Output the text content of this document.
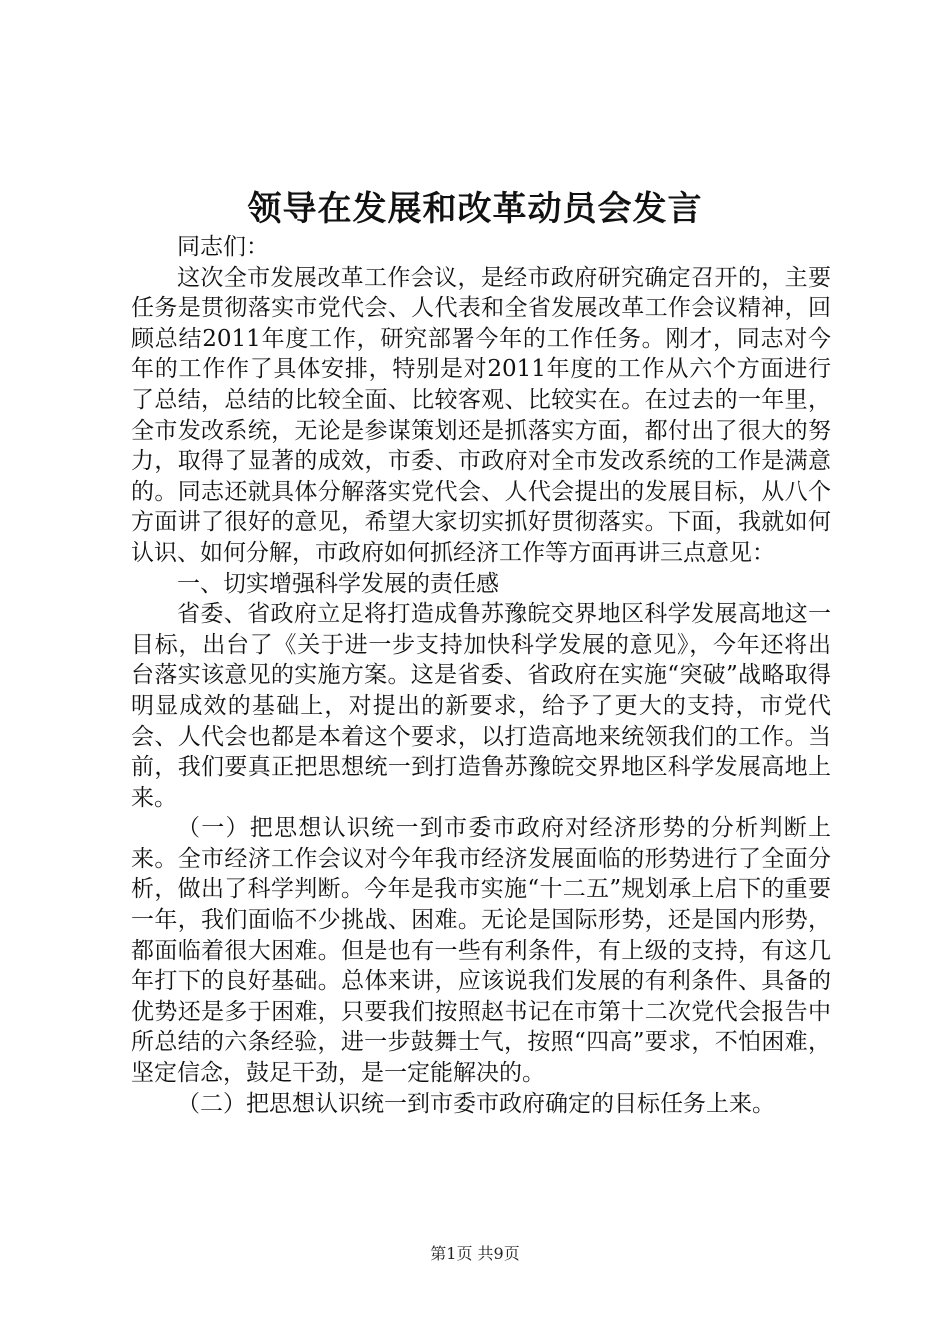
领导在发展和改革动员会发言

同志们：

这次全市发展改革工作会议，是经市政府研究确定召开的，主要任务是贯彻落实市党代会、人代表和全省发展改革工作会议精神，回顾总结2011年度工作，研究部署今年的工作任务。刚才，同志对今年的工作作了具体安排，特别是对2011年度的工作从六个方面进行了总结，总结的比较全面、比较客观、比较实在。在过去的一年里，全市发改系统，无论是参谋策划还是抓落实方面，都付出了很大的努力，取得了显著的成效，市委、市政府对全市发改系统的工作是满意的。同志还就具体分解落实党代会、人代会提出的发展目标，从八个方面讲了很好的意见，希望大家切实抓好贯彻落实。下面，我就如何认识、如何分解，市政府如何抓经济工作等方面再讲三点意见：

一、切实增强科学发展的责任感

省委、省政府立足将打造成鲁苏豫皖交界地区科学发展高地这一目标，出台了《关于进一步支持加快科学发展的意见》，今年还将出台落实该意见的实施方案。这是省委、省政府在实施“突破”战略取得明显成效的基础上，对提出的新要求，给予了更大的支持，市党代会、人代会也都是本着这个要求，以打造高地来统领我们的工作。当前，我们要真正把思想统一到打造鲁苏豫皖交界地区科学发展高地上来。

（一）把思想认识统一到市委市政府对经济形势的分析判断上来。全市经济工作会议对今年我市经济发展面临的形势进行了全面分析，做出了科学判断。今年是我市实施“十二五”规划承上启下的重要一年，我们面临不少挑战、困难。无论是国际形势，还是国内形势，都面临着很大困难。但是也有一些有利条件，有上级的支持，有这几年打下的良好基础。总体来讲，应该说我们发展的有利条件、具备的优势还是多于困难，只要我们按照赵书记在市第十二次党代会报告中所总结的六条经验，进一步鼓舞士气，按照“四高”要求，不怕困难，坚定信念，鼓足干劲，是一定能解决的。

（二）把思想认识统一到市委市政府确定的目标任务上来。

第1页 共9页
